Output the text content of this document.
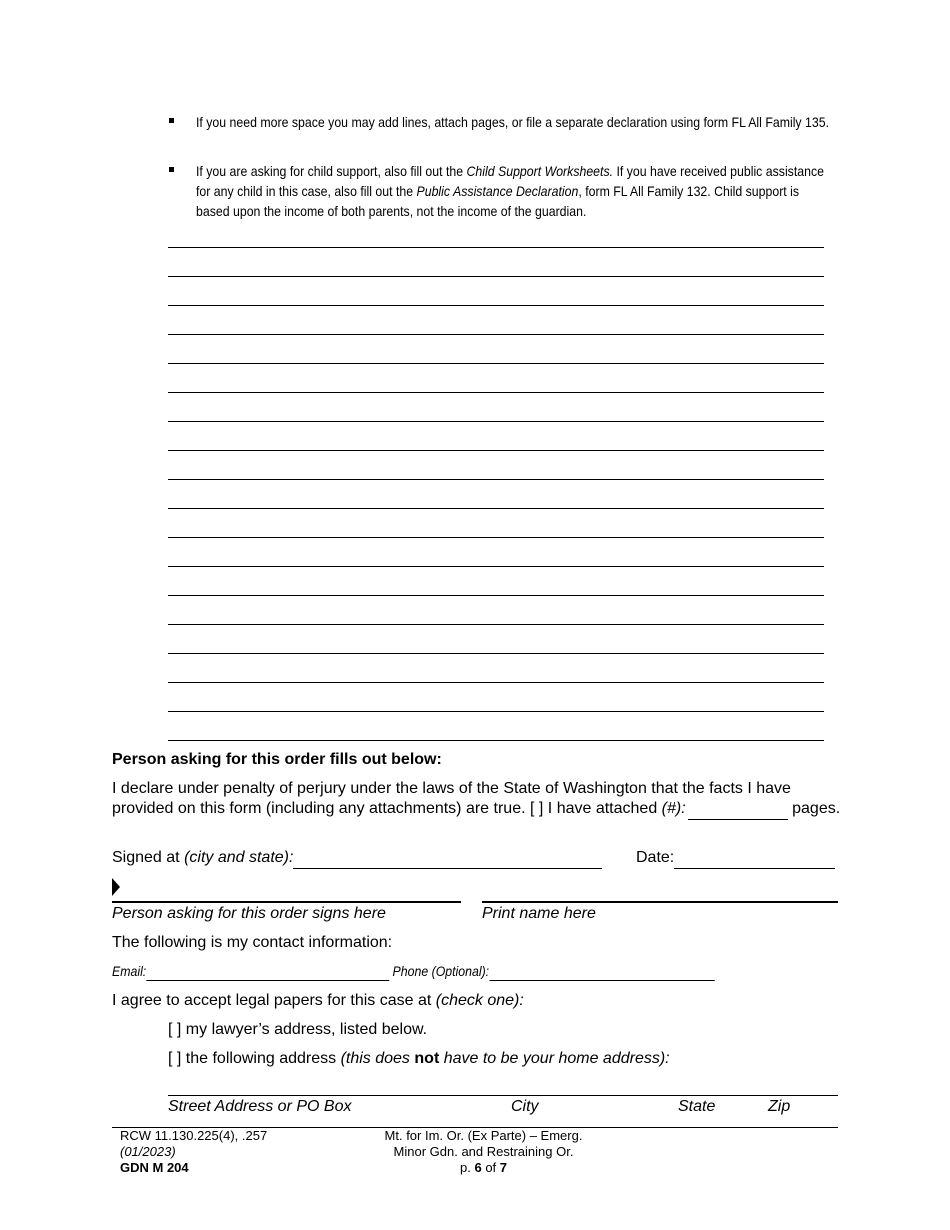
If you need more space you may add lines, attach pages, or file a separate declaration using form FL All Family 135.
If you are asking for child support, also fill out the Child Support Worksheets. If you have received public assistance for any child in this case, also fill out the Public Assistance Declaration, form FL All Family 132. Child support is based upon the income of both parents, not the income of the guardian.
Person asking for this order fills out below:
I declare under penalty of perjury under the laws of the State of Washington that the facts I have provided on this form (including any attachments) are true. [ ] I have attached (#):	pages.
Signed at (city and state):	Date:
Person asking for this order signs here	Print name here
The following is my contact information:
Email:	Phone (Optional):
I agree to accept legal papers for this case at (check one):
[ ] my lawyer’s address, listed below.
[ ] the following address (this does not have to be your home address):
Street Address or PO Box	City	State	Zip
RCW 11.130.225(4), .257
(01/2023)
GDN M 204
Mt. for Im. Or. (Ex Parte) – Emerg.
Minor Gdn. and Restraining Or.
p. 6 of 7
